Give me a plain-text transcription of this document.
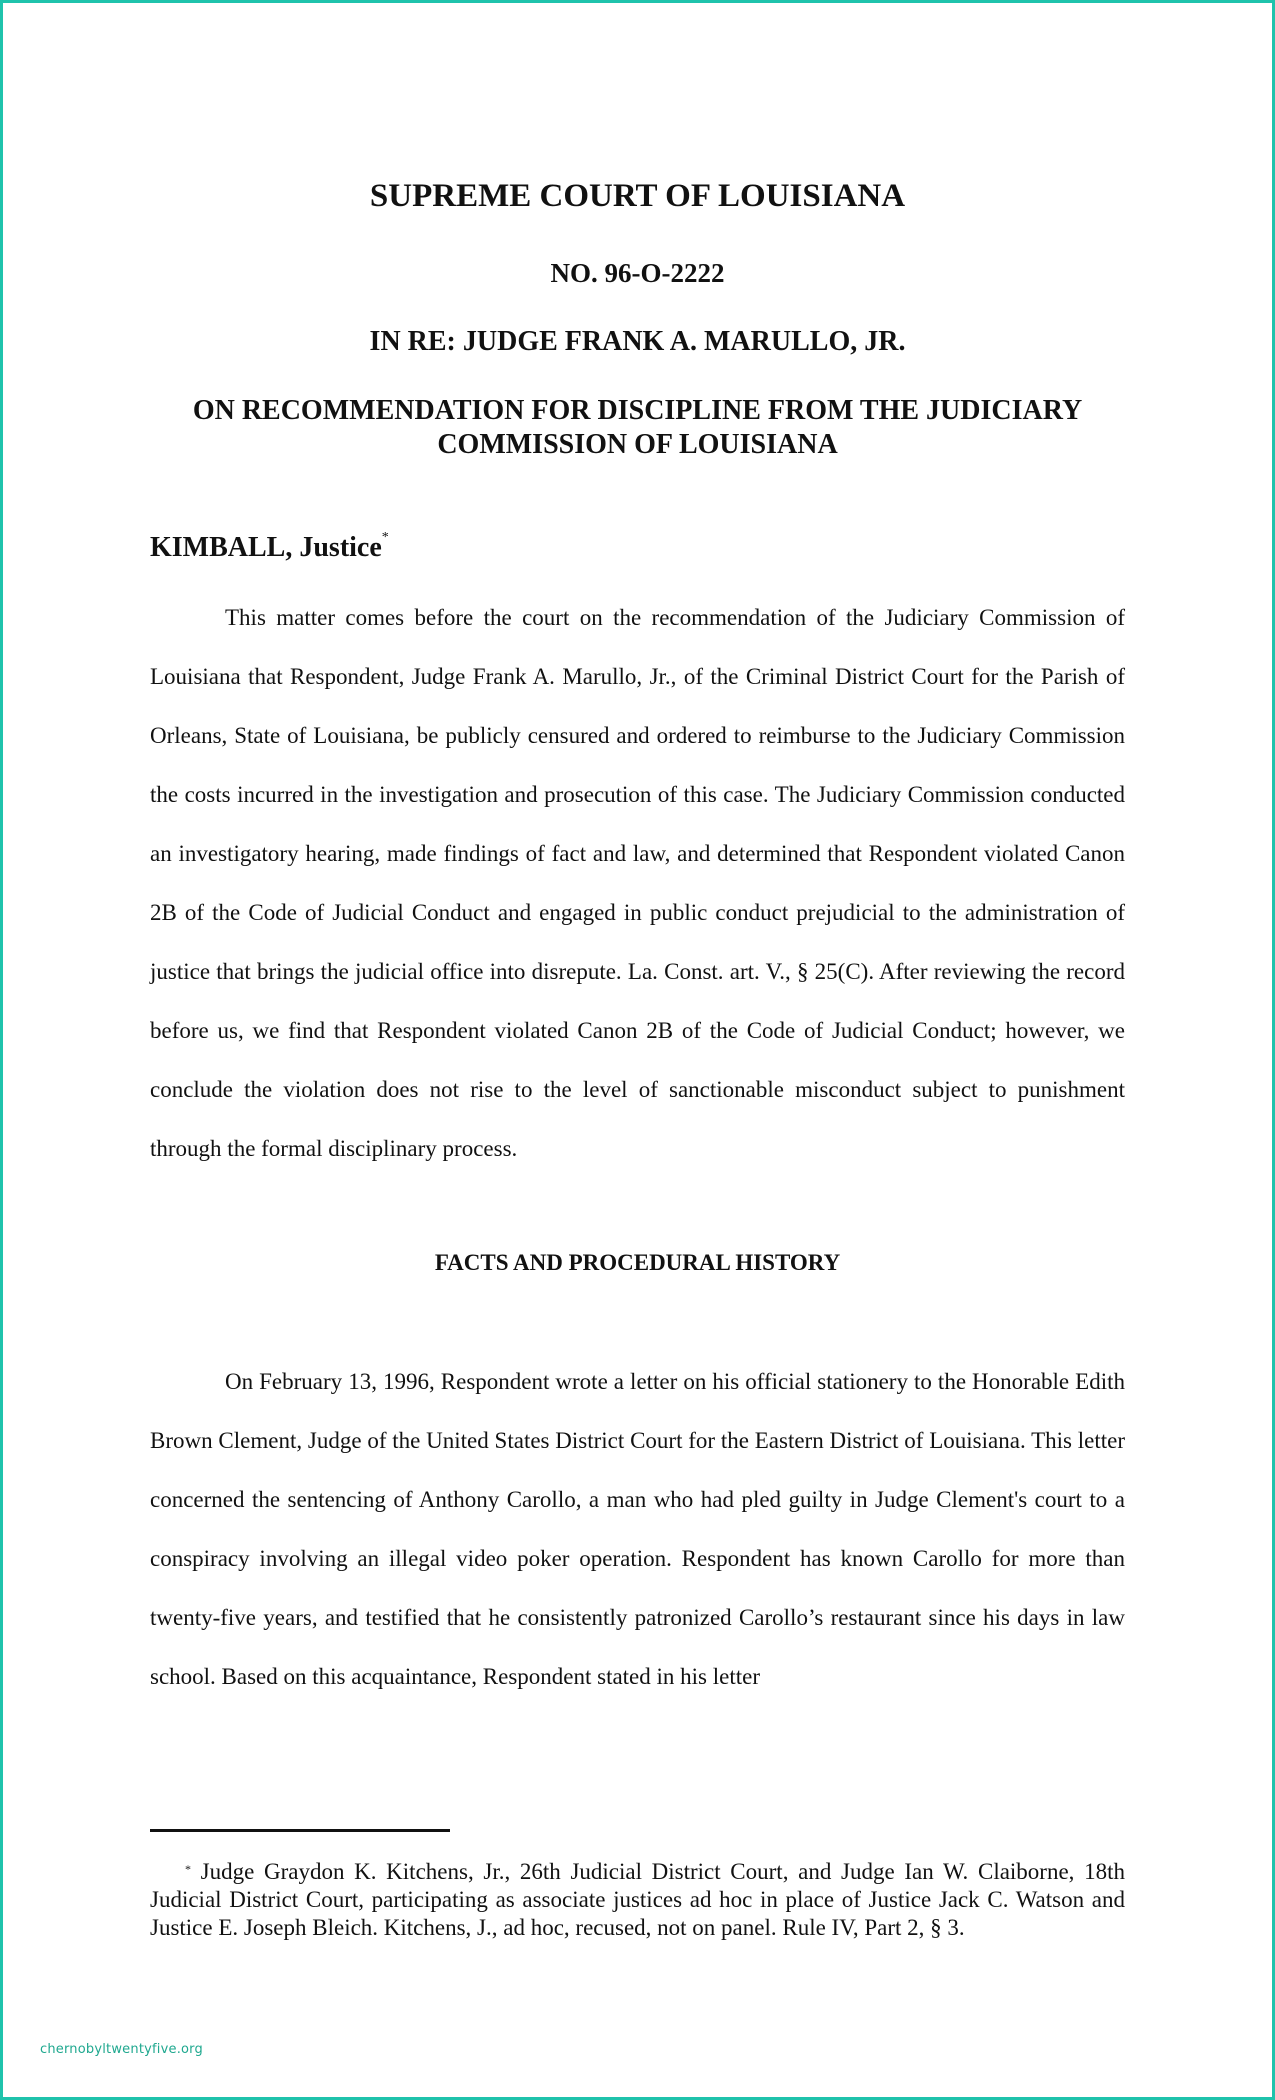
SUPREME COURT OF LOUISIANA
NO. 96-O-2222
IN RE: JUDGE FRANK A. MARULLO, JR.
ON RECOMMENDATION FOR DISCIPLINE FROM THE JUDICIARY
COMMISSION OF LOUISIANA
KIMBALL, Justice*

This matter comes before the court on the recommendation of the Judiciary Commission of Louisiana that Respondent, Judge Frank A. Marullo, Jr., of the Criminal District Court for the Parish of Orleans, State of Louisiana, be publicly censured and ordered to reimburse to the Judiciary Commission the costs incurred in the investigation and prosecution of this case. The Judiciary Commission conducted an investigatory hearing, made findings of fact and law, and determined that Respondent violated Canon 2B of the Code of Judicial Conduct and engaged in public conduct prejudicial to the administration of justice that brings the judicial office into disrepute. La. Const. art. V., § 25(C). After reviewing the record before us, we find that Respondent violated Canon 2B of the Code of Judicial Conduct; however, we conclude the violation does not rise to the level of sanctionable misconduct subject to punishment through the formal disciplinary process.

FACTS AND PROCEDURAL HISTORY

On February 13, 1996, Respondent wrote a letter on his official stationery to the Honorable Edith Brown Clement, Judge of the United States District Court for the Eastern District of Louisiana. This letter concerned the sentencing of Anthony Carollo, a man who had pled guilty in Judge Clement's court to a conspiracy involving an illegal video poker operation. Respondent has known Carollo for more than twenty-five years, and testified that he consistently patronized Carollo’s restaurant since his days in law school. Based on this acquaintance, Respondent stated in his letter

* Judge Graydon K. Kitchens, Jr., 26th Judicial District Court, and Judge Ian W. Claiborne, 18th Judicial District Court, participating as associate justices ad hoc in place of Justice Jack C. Watson and Justice E. Joseph Bleich. Kitchens, J., ad hoc, recused, not on panel. Rule IV, Part 2, § 3.

chernobyltwentyfive.org
